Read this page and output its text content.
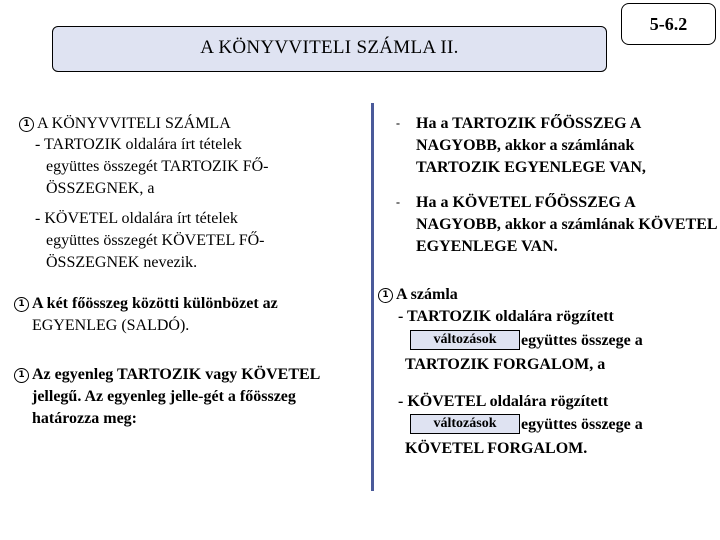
A KÖNYVVITELI SZÁMLA II.
5-6.2
1 A KÖNYVVITELI SZÁMLA
- TARTOZIK oldalára írt tételek
együttes összegét TARTOZIK FŐ-
ÖSSZEGNEK, a
- KÖVETEL oldalára írt tételek
együttes összegét KÖVETEL FŐ-
ÖSSZEGNEK nevezik.
1 A két főösszeg közötti különbözet az
EGYENLEG (SALDÓ).
1 Az egyenleg TARTOZIK vagy KÖVETEL
jellegű. Az egyenleg jelle-gét a főösszeg
határozza meg:
- Ha a TARTOZIK FŐÖSSZEG A
NAGYOBB, akkor a számlának
TARTOZIK EGYENLEGE VAN,
- Ha a KÖVETEL FŐÖSSZEG A
NAGYOBB, akkor a számlának KÖVETEL
EGYENLEGE VAN.
1 A számla
- TARTOZIK oldalára rögzített
változások	együttes összege a
TARTOZIK FORGALOM, a
- KÖVETEL oldalára rögzített
változások	együttes összege a
KÖVETEL FORGALOM.
